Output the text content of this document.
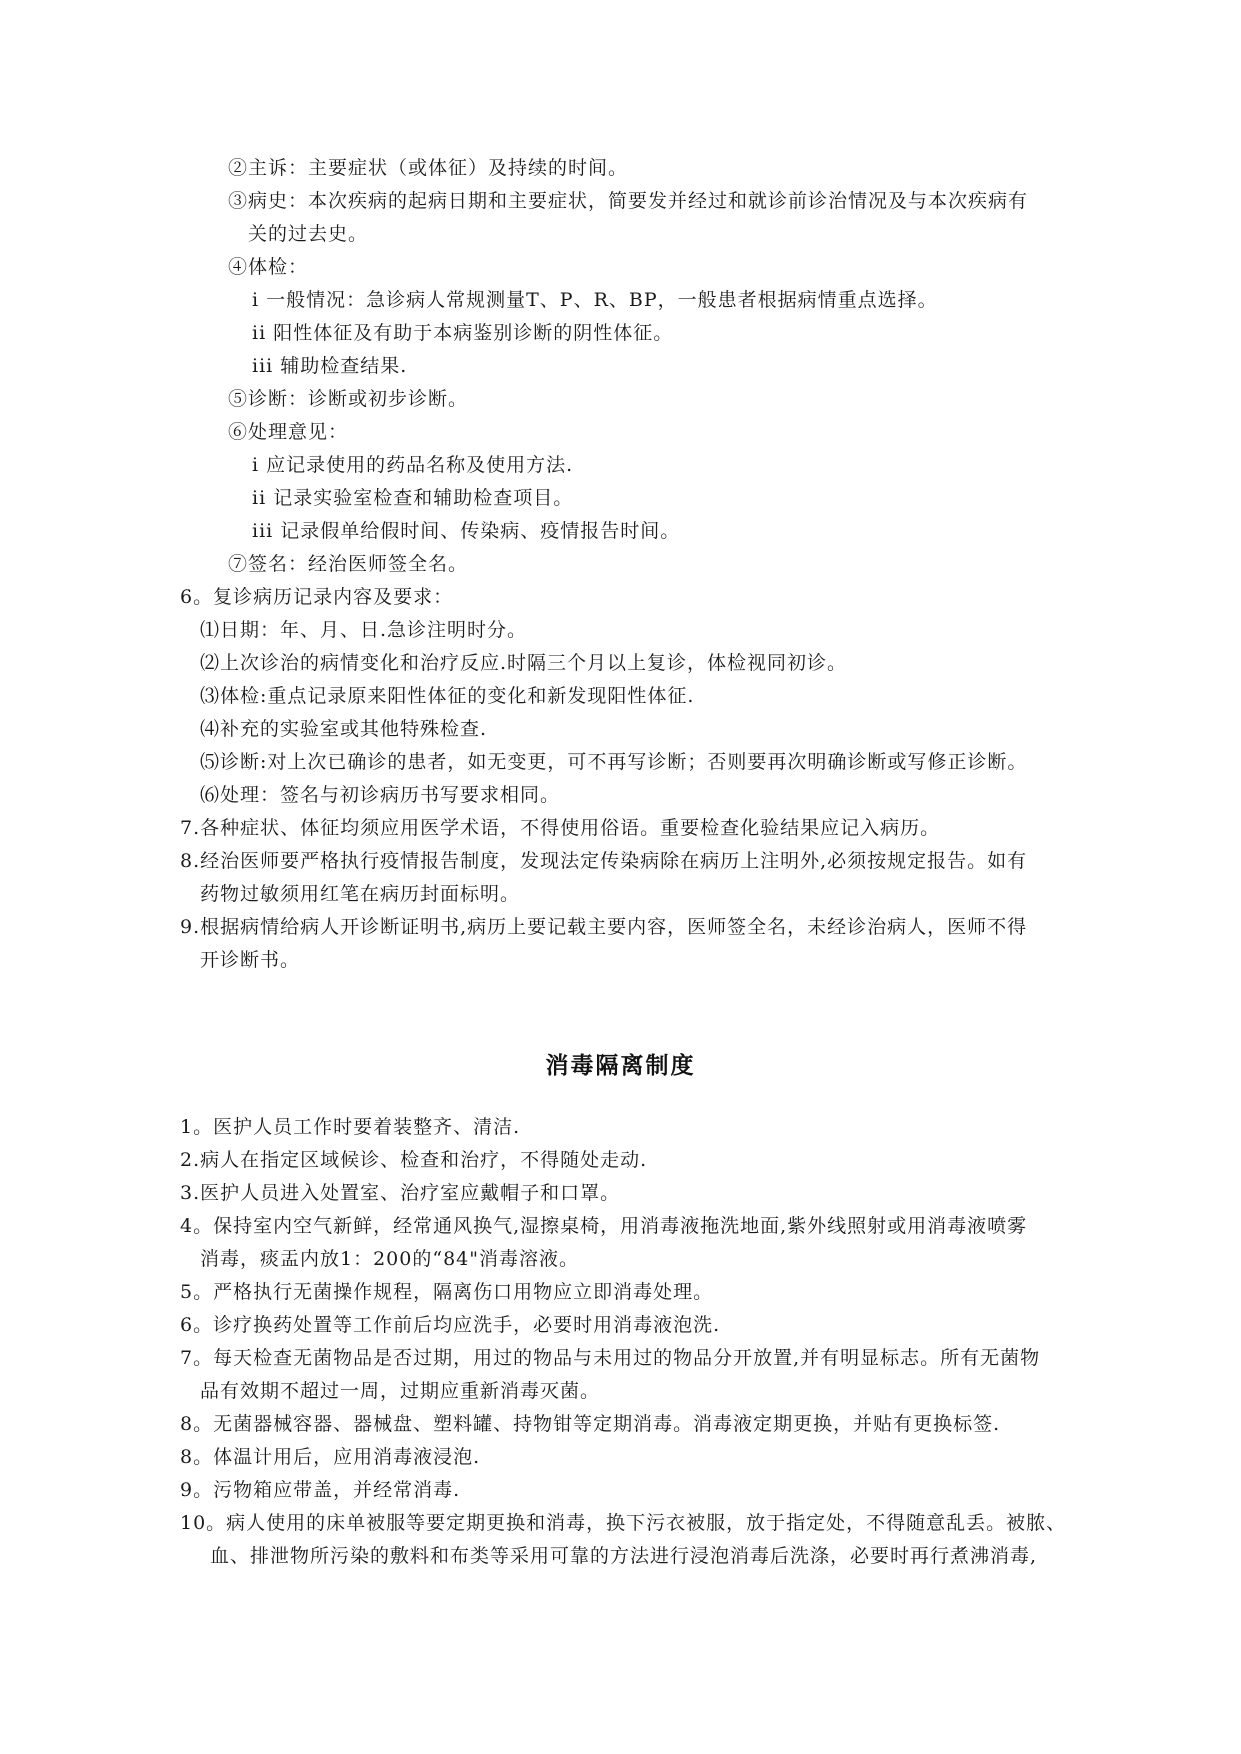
②主诉：主要症状（或体征）及持续的时间。
③病史：本次疾病的起病日期和主要症状，简要发并经过和就诊前诊治情况及与本次疾病有
关的过去史。
④体检：
i 一般情况：急诊病人常规测量T、P、R、BP，一般患者根据病情重点选择。
ii 阳性体征及有助于本病鉴别诊断的阴性体征。
iii 辅助检查结果.
⑤诊断：诊断或初步诊断。
⑥处理意见：
i 应记录使用的药品名称及使用方法.
ii 记录实验室检查和辅助检查项目。
iii 记录假单给假时间、传染病、疫情报告时间。
⑦签名：经治医师签全名。
6。复诊病历记录内容及要求：
⑴日期：年、月、日.急诊注明时分。
⑵上次诊治的病情变化和治疗反应.时隔三个月以上复诊，体检视同初诊。
⑶体检:重点记录原来阳性体征的变化和新发现阳性体征.
⑷补充的实验室或其他特殊检查.
⑸诊断:对上次已确诊的患者，如无变更，可不再写诊断；否则要再次明确诊断或写修正诊断。
⑹处理：签名与初诊病历书写要求相同。
7.各种症状、体征均须应用医学术语，不得使用俗语。重要检查化验结果应记入病历。
8.经治医师要严格执行疫情报告制度，发现法定传染病除在病历上注明外,必须按规定报告。如有
药物过敏须用红笔在病历封面标明。
9.根据病情给病人开诊断证明书,病历上要记载主要内容，医师签全名，未经诊治病人，医师不得
开诊断书。
消毒隔离制度
1。医护人员工作时要着装整齐、清洁.
2.病人在指定区域候诊、检查和治疗，不得随处走动.
3.医护人员进入处置室、治疗室应戴帽子和口罩。
4。保持室内空气新鲜，经常通风换气,湿擦桌椅，用消毒液拖洗地面,紫外线照射或用消毒液喷雾
消毒，痰盂内放1：200的“84"消毒溶液。
5。严格执行无菌操作规程，隔离伤口用物应立即消毒处理。
6。诊疗换药处置等工作前后均应洗手，必要时用消毒液泡洗.
7。每天检查无菌物品是否过期，用过的物品与未用过的物品分开放置,并有明显标志。所有无菌物
品有效期不超过一周，过期应重新消毒灭菌。
8。无菌器械容器、器械盘、塑料罐、持物钳等定期消毒。消毒液定期更换，并贴有更换标签.
8。体温计用后，应用消毒液浸泡.
9。污物箱应带盖，并经常消毒.
10。病人使用的床单被服等要定期更换和消毒，换下污衣被服，放于指定处，不得随意乱丢。被脓、
血、排泄物所污染的敷料和布类等采用可靠的方法进行浸泡消毒后洗涤，必要时再行煮沸消毒,
